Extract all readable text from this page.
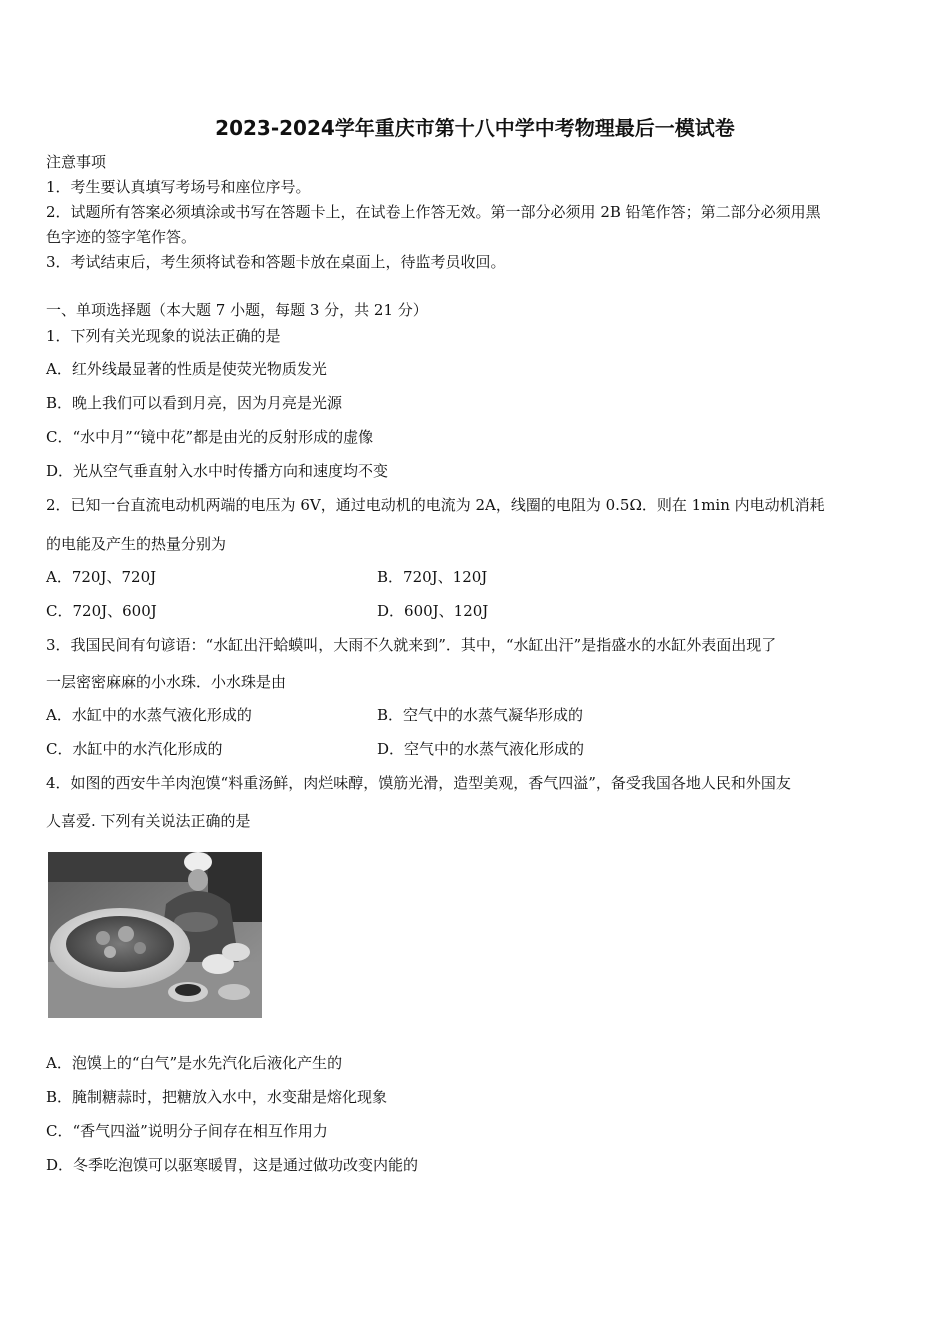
2023-2024学年重庆市第十八中学中考物理最后一模试卷
注意事项
1．考生要认真填写考场号和座位序号。
2．试题所有答案必须填涂或书写在答题卡上，在试卷上作答无效。第一部分必须用 2B 铅笔作答；第二部分必须用黑
色字迹的签字笔作答。
3．考试结束后，考生须将试卷和答题卡放在桌面上，待监考员收回。
一、单项选择题（本大题 7 小题，每题 3 分，共 21 分）
1．下列有关光现象的说法正确的是
A．红外线最显著的性质是使荧光物质发光
B．晚上我们可以看到月亮，因为月亮是光源
C．“水中月”“镜中花”都是由光的反射形成的虚像
D．光从空气垂直射入水中时传播方向和速度均不变
2．已知一台直流电动机两端的电压为 6V，通过电动机的电流为 2A，线圈的电阻为 0.5Ω．则在 1min 内电动机消耗
的电能及产生的热量分别为
A．720J、720J	B．720J、120J
C．720J、600J	D．600J、120J
3．我国民间有句谚语：“水缸出汗蛤蟆叫，大雨不久就来到”．其中，“水缸出汗”是指盛水的水缸外表面出现了
一层密密麻麻的小水珠．小水珠是由
A．水缸中的水蒸气液化形成的	B．空气中的水蒸气凝华形成的
C．水缸中的水汽化形成的	D．空气中的水蒸气液化形成的
4．如图的西安牛羊肉泡馍“料重汤鲜，肉烂味醇，馍筋光滑，造型美观，香气四溢”，备受我国各地人民和外国友
人喜爱. 下列有关说法正确的是
A．泡馍上的“白气”是水先汽化后液化产生的
B．腌制糖蒜时，把糖放入水中，水变甜是熔化现象
C．“香气四溢”说明分子间存在相互作用力
D．冬季吃泡馍可以驱寒暖胃，这是通过做功改变内能的
